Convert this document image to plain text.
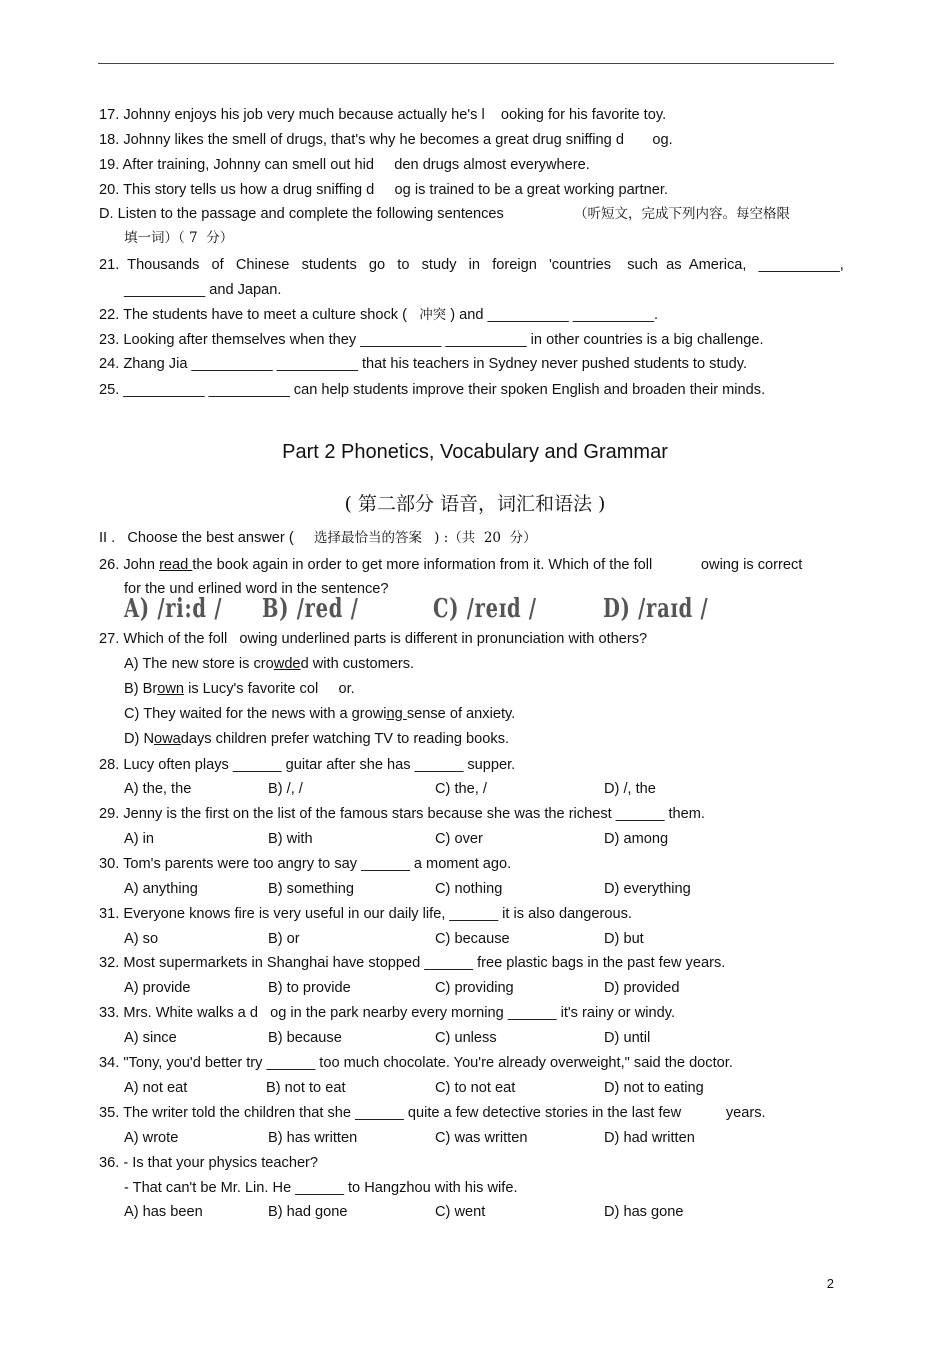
17. Johnny enjoys his job very much because actually he's l    ooking for his favorite toy.
18. Johnny likes the smell of drugs, that's why he becomes a great drug sniffing d       og.
19. After training, Johnny can smell out hid     den drugs almost everywhere.
20. This story tells us how a drug sniffing d     og is trained to be a great working partner.
D. Listen to the passage and complete the following sentences	（听短文，完成下列内容。每空格限
填一词）（ 7  分）
21. Thousands   of   Chinese   students   go   to   study   in   foreign   'countries    such  as  America,   __________,
__________ and Japan.
22. The students have to meet a culture shock ( 冲突 ) and __________ __________.
23. Looking after themselves when they __________ __________ in other countries is a big challenge.
24. Zhang Jia __________ __________ that his teachers in Sydney never pushed students to study.
25. __________ __________ can help students improve their spoken English and broaden their minds.
Part 2 Phonetics, Vocabulary and Grammar
( 第二部分 语音，词汇和语法 )
II .   Choose the best answer ( 选择最恰当的答案 ) :（共  20  分）
26. John read the book again in order to get more information from it. Which of the foll            owing is correct
for the und erlined word in the sentence?
A) /ri:d / B) /red /	C) /reɪd /	D) /raɪd /
27. Which of the foll   owing underlined parts is different in pronunciation with others?
A) The new store is crowded with customers.
B) Brown is Lucy's favorite col     or.
C) They waited for the news with a growing sense of anxiety.
D) Nowadays children prefer watching TV to reading books.
28. Lucy often plays ______ guitar after she has ______ supper.
A) the, the	B) /, /	C) the, /	D) /, the
29. Jenny is the first on the list of the famous stars because she was the richest ______ them.
A) in	B) with	C) over	D) among
30. Tom's parents were too angry to say ______ a moment ago.
A) anything	B) something	C) nothing	D) everything
31. Everyone knows fire is very useful in our daily life, ______ it is also dangerous.
A) so	B) or	C) because	D) but
32. Most supermarkets in Shanghai have stopped ______ free plastic bags in the past few years.
A) provide	B) to provide	C) providing	D) provided
33. Mrs. White walks a d   og in the park nearby every morning ______ it's rainy or windy.
A) since	B) because	C) unless	D) until
34. "Tony, you'd better try ______ too much chocolate. You're already overweight," said the doctor.
A) not eat	B) not to eat	C) to not eat	D) not to eating
35. The writer told the children that she ______ quite a few detective stories in the last few           years.
A) wrote	B) has written	C) was written	D) had written
36. - Is that your physics teacher?
- That can't be Mr. Lin. He ______ to Hangzhou with his wife.
A) has been	B) had gone	C) went	D) has gone
2
